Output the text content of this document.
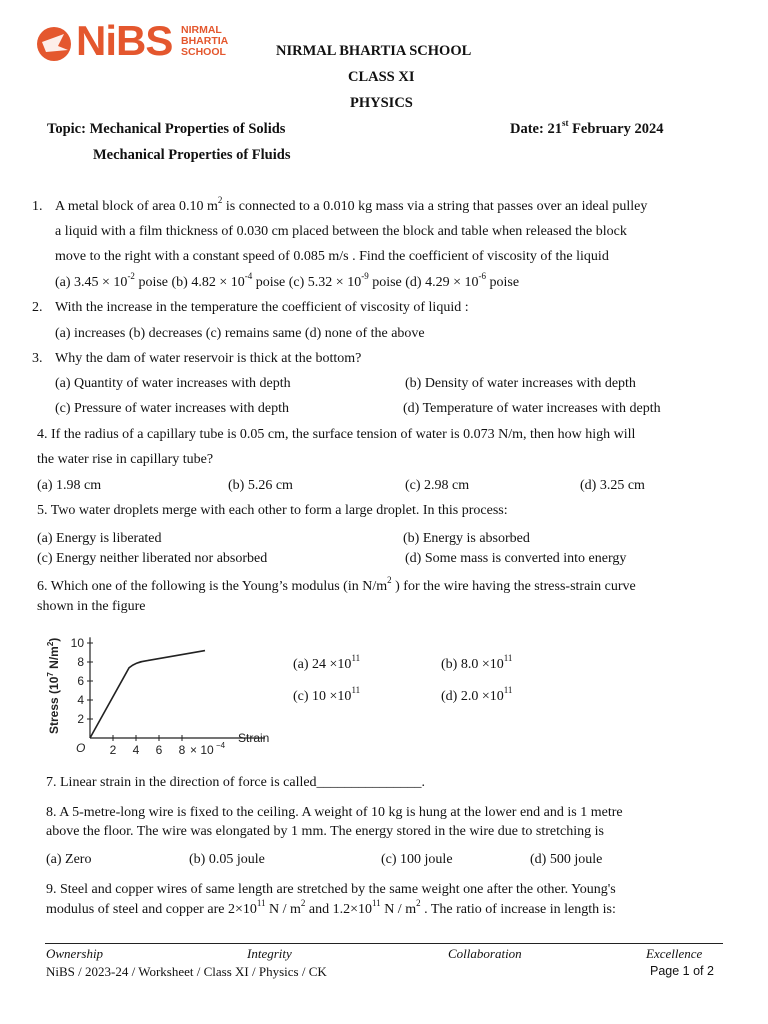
NiBS NIRMAL
BHARTIA
SCHOOL	NIRMAL BHARTIA SCHOOL
CLASS XI
PHYSICS
Topic: Mechanical Properties of Solids	Date: 21st February 2024
Mechanical Properties of Fluids
1. A metal block of area 0.10 $m^2$ is connected to a 0.010 kg mass via a string that passes over an ideal pulley
a liquid with a film thickness of 0.030 cm placed between the block and table when released the block
move to the right with a constant speed of 0.085 m/s . Find the coefficient of viscosity of the liquid
(a) $3.45 \times 10^{-2}$ poise (b) $4.82 \times 10^{-4}$ poise (c) $5.32 \times 10^{-9}$ poise (d) $4.29 \times 10^{-6}$ poise
2. With the increase in the temperature the coefficient of viscosity of liquid :
(a) increases (b) decreases (c) remains same (d) none of the above
3. Why the dam of water reservoir is thick at the bottom?
(a) Quantity of water increases with depth	(b) Density of water increases with depth
(c) Pressure of water increases with depth	(d) Temperature of water increases with depth
4. If the radius of a capillary tube is 0.05 cm, the surface tension of water is 0.073 N/m, then how high will
the water rise in capillary tube?
(a) 1.98 cm	(b) 5.26 cm	(c) 2.98 cm	(d) 3.25 cm
5. Two water droplets merge with each other to form a large droplet. In this process:
(a) Energy is liberated	(b) Energy is absorbed
(c) Energy neither liberated nor absorbed	(d) Some mass is converted into energy
6. Which one of the following is the Young’s modulus (in $N/m^2$ ) for the wire having the stress-strain curve
shown in the figure
2
4
6
8
10
2 4 6 8 × 10 −4
O
Strain
Stress ($10^7$ $N/m^2$)
(a) $24 \times 10^{11}$	(b) $8.0 \times 10^{11}$
(c) $10 \times 10^{11}$	(d) $2.0 \times 10^{11}$
7. Linear strain in the direction of force is called_______________.
8. A 5-metre-long wire is fixed to the ceiling. A weight of 10 kg is hung at the lower end and is 1 metre
above the floor. The wire was elongated by 1 mm. The energy stored in the wire due to stretching is
(a) Zero	(b) 0.05 joule	(c) 100 joule	(d) 500 joule
9. Steel and copper wires of same length are stretched by the same weight one after the other. Young's
modulus of steel and copper are $2\times 10^{11}$ N / $m^2$ and $1.2\times 10^{11}$ N / $m^2$ . The ratio of increase in length is:
Ownership	Integrity	Collaboration	Excellence
NiBS / 2023-24 / Worksheet / Class XI / Physics / CK	Page 1 of 2
